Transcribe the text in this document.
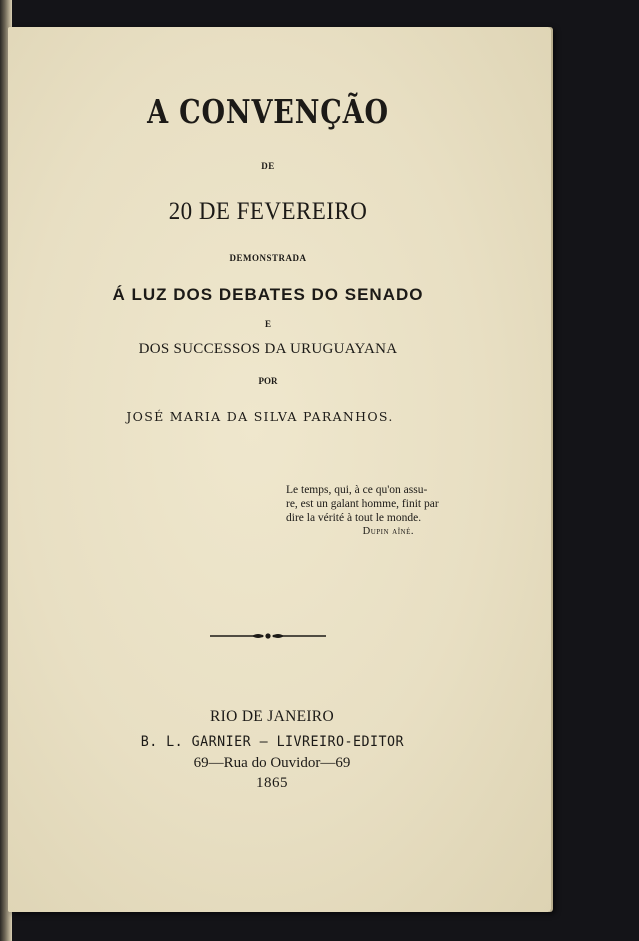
A CONVENÇÃO
DE
20 DE FEVEREIRO
DEMONSTRADA
Á LUZ DOS DEBATES DO SENADO
E
DOS SUCCESSOS DA URUGUAYANA
POR
JOSÉ MARIA DA SILVA PARANHOS.
Le temps, qui, à ce qu'on assu-
re, est un galant homme, finit par
dire la vérité à tout le monde.
Dupin aîné.
RIO DE JANEIRO
B. L. GARNIER — LIVREIRO-EDITOR
69—Rua do Ouvidor—69
1865
